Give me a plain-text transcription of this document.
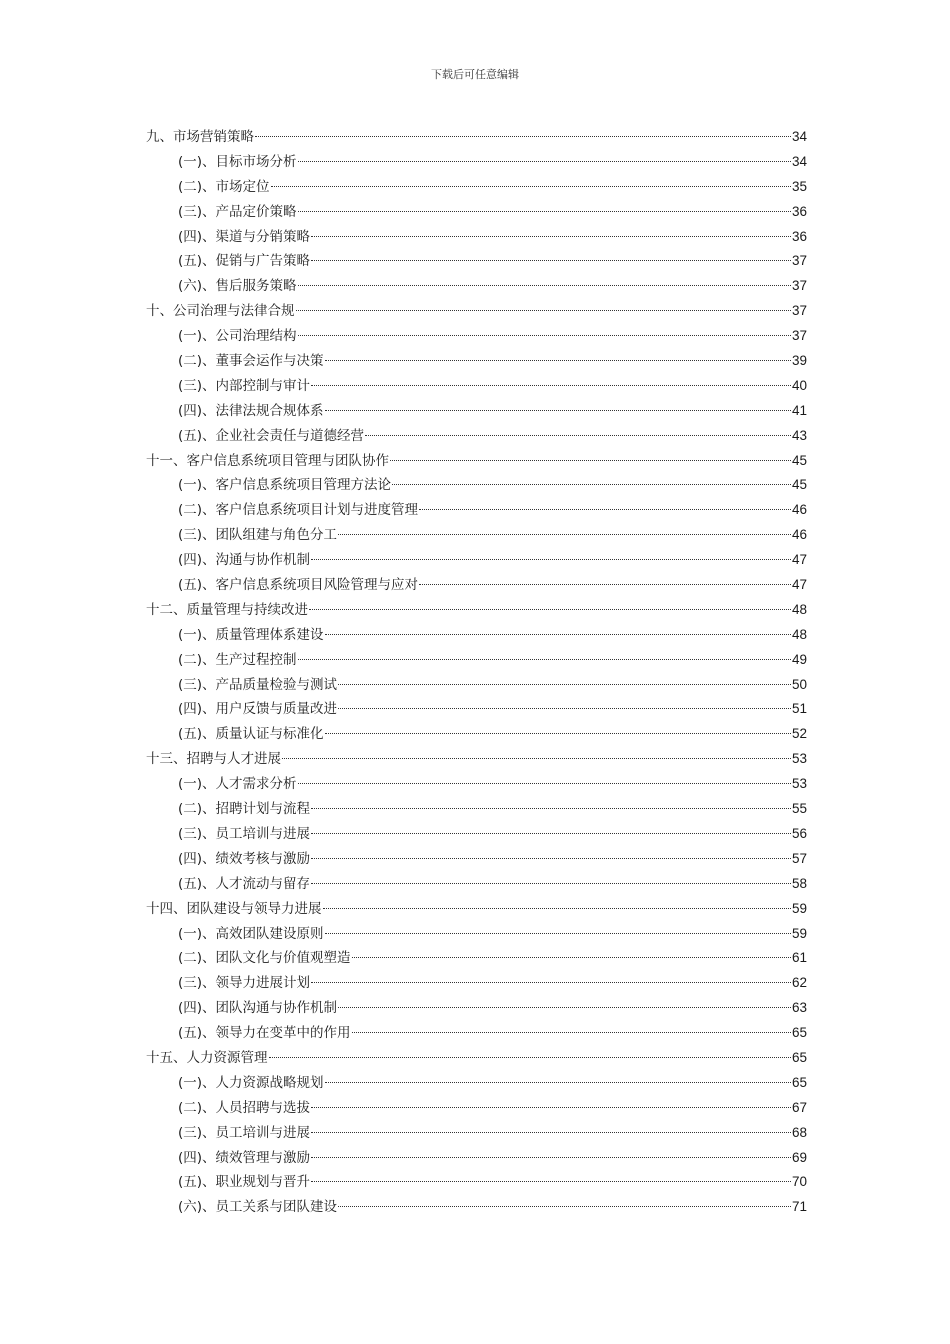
下载后可任意编辑
九、市场营销策略	34
(一)、目标市场分析	34
(二)、市场定位	35
(三)、产品定价策略	36
(四)、渠道与分销策略	36
(五)、促销与广告策略	37
(六)、售后服务策略	37
十、公司治理与法律合规	37
(一)、公司治理结构	37
(二)、董事会运作与决策	39
(三)、内部控制与审计	40
(四)、法律法规合规体系	41
(五)、企业社会责任与道德经营	43
十一、客户信息系统项目管理与团队协作	45
(一)、客户信息系统项目管理方法论	45
(二)、客户信息系统项目计划与进度管理	46
(三)、团队组建与角色分工	46
(四)、沟通与协作机制	47
(五)、客户信息系统项目风险管理与应对	47
十二、质量管理与持续改进	48
(一)、质量管理体系建设	48
(二)、生产过程控制	49
(三)、产品质量检验与测试	50
(四)、用户反馈与质量改进	51
(五)、质量认证与标准化	52
十三、招聘与人才进展	53
(一)、人才需求分析	53
(二)、招聘计划与流程	55
(三)、员工培训与进展	56
(四)、绩效考核与激励	57
(五)、人才流动与留存	58
十四、团队建设与领导力进展	59
(一)、高效团队建设原则	59
(二)、团队文化与价值观塑造	61
(三)、领导力进展计划	62
(四)、团队沟通与协作机制	63
(五)、领导力在变革中的作用	65
十五、人力资源管理	65
(一)、人力资源战略规划	65
(二)、人员招聘与选拔	67
(三)、员工培训与进展	68
(四)、绩效管理与激励	69
(五)、职业规划与晋升	70
(六)、员工关系与团队建设	71
